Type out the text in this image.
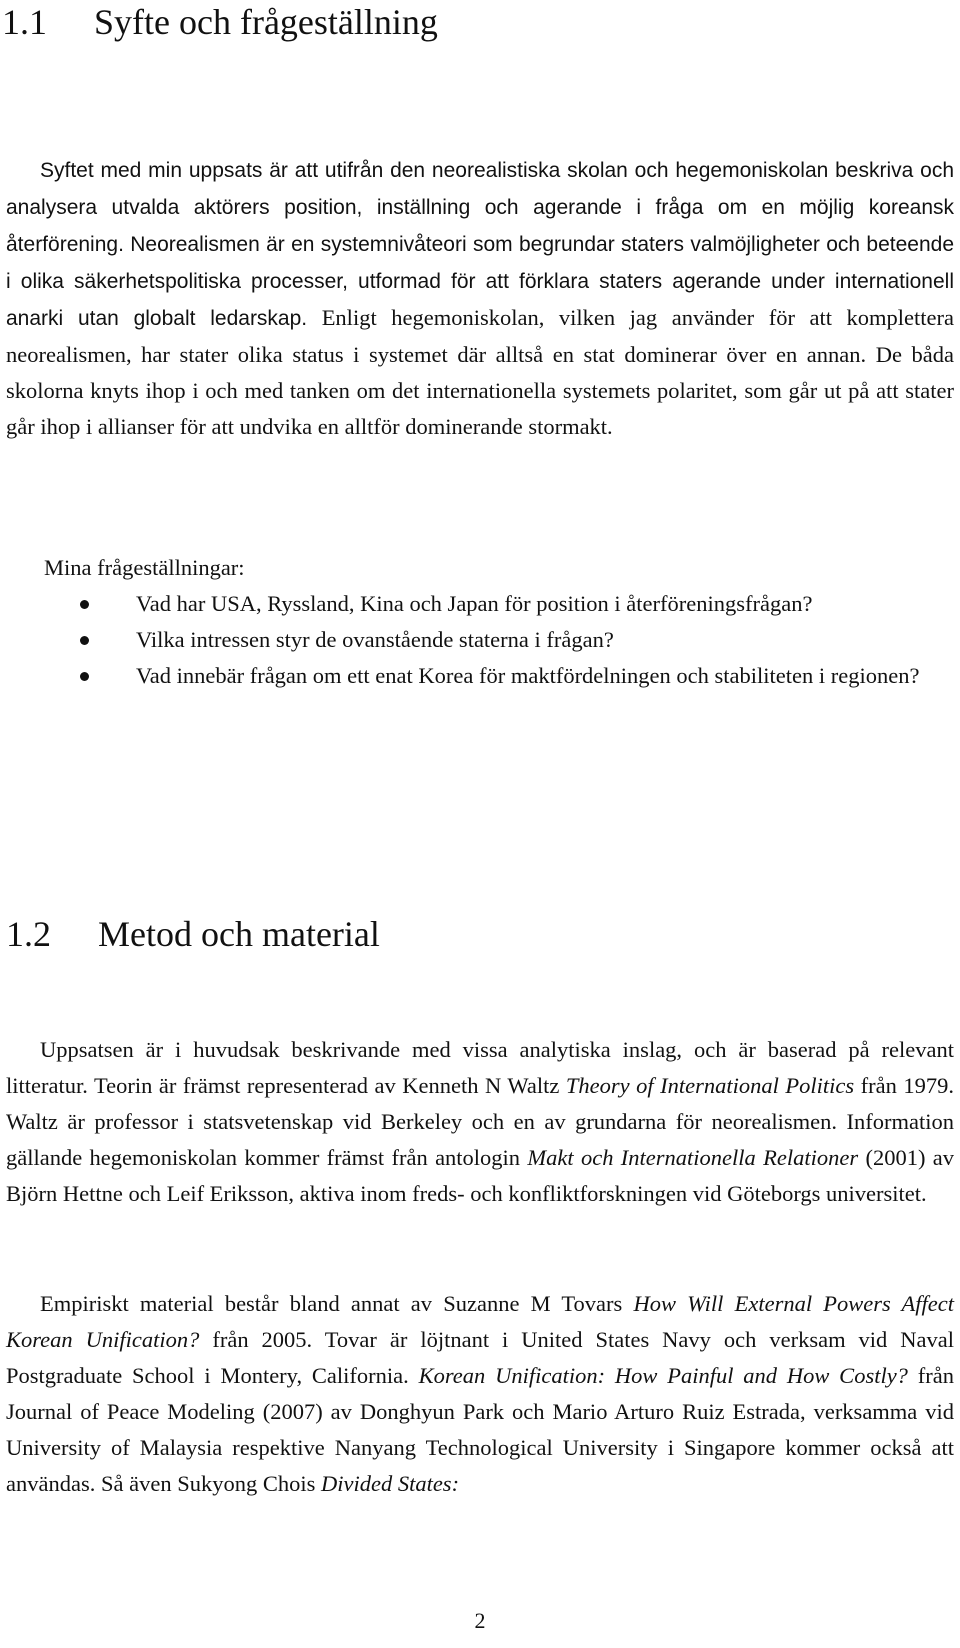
1.1 Syfte och frågeställning

Syftet med min uppsats är att utifrån den neorealistiska skolan och hegemoniskolan beskriva och analysera utvalda aktörers position, inställning och agerande i fråga om en möjlig koreansk återförening. Neorealismen är en systemnivåteori som begrundar staters valmöjligheter och beteende i olika säkerhetspolitiska processer, utformad för att förklara staters agerande under internationell anarki utan globalt ledarskap. Enligt hegemoniskolan, vilken jag använder för att komplettera neorealismen, har stater olika status i systemet där alltså en stat dominerar över en annan. De båda skolorna knyts ihop i och med tanken om det internationella systemets polaritet, som går ut på att stater går ihop i allianser för att undvika en alltför dominerande stormakt.

Mina frågeställningar:

Vad har USA, Ryssland, Kina och Japan för position i återföreningsfrågan?
Vilka intressen styr de ovanstående staterna i frågan?
Vad innebär frågan om ett enat Korea för maktfördelningen och stabiliteten i regionen?
1.2 Metod och material

Uppsatsen är i huvudsak beskrivande med vissa analytiska inslag, och är baserad på relevant litteratur. Teorin är främst representerad av Kenneth N Waltz Theory of International Politics från 1979. Waltz är professor i statsvetenskap vid Berkeley och en av grundarna för neorealismen. Information gällande hegemoniskolan kommer främst från antologin Makt och Internationella Relationer (2001) av Björn Hettne och Leif Eriksson, aktiva inom freds- och konfliktforskningen vid Göteborgs universitet.

Empiriskt material består bland annat av Suzanne M Tovars How Will External Powers Affect Korean Unification? från 2005. Tovar är löjtnant i United States Navy och verksam vid Naval Postgraduate School i Montery, California. Korean Unification: How Painful and How Costly? från Journal of Peace Modeling (2007) av Donghyun Park och Mario Arturo Ruiz Estrada, verksamma vid University of Malaysia respektive Nanyang Technological University i Singapore kommer också att användas. Så även Sukyong Chois Divided States:

2
